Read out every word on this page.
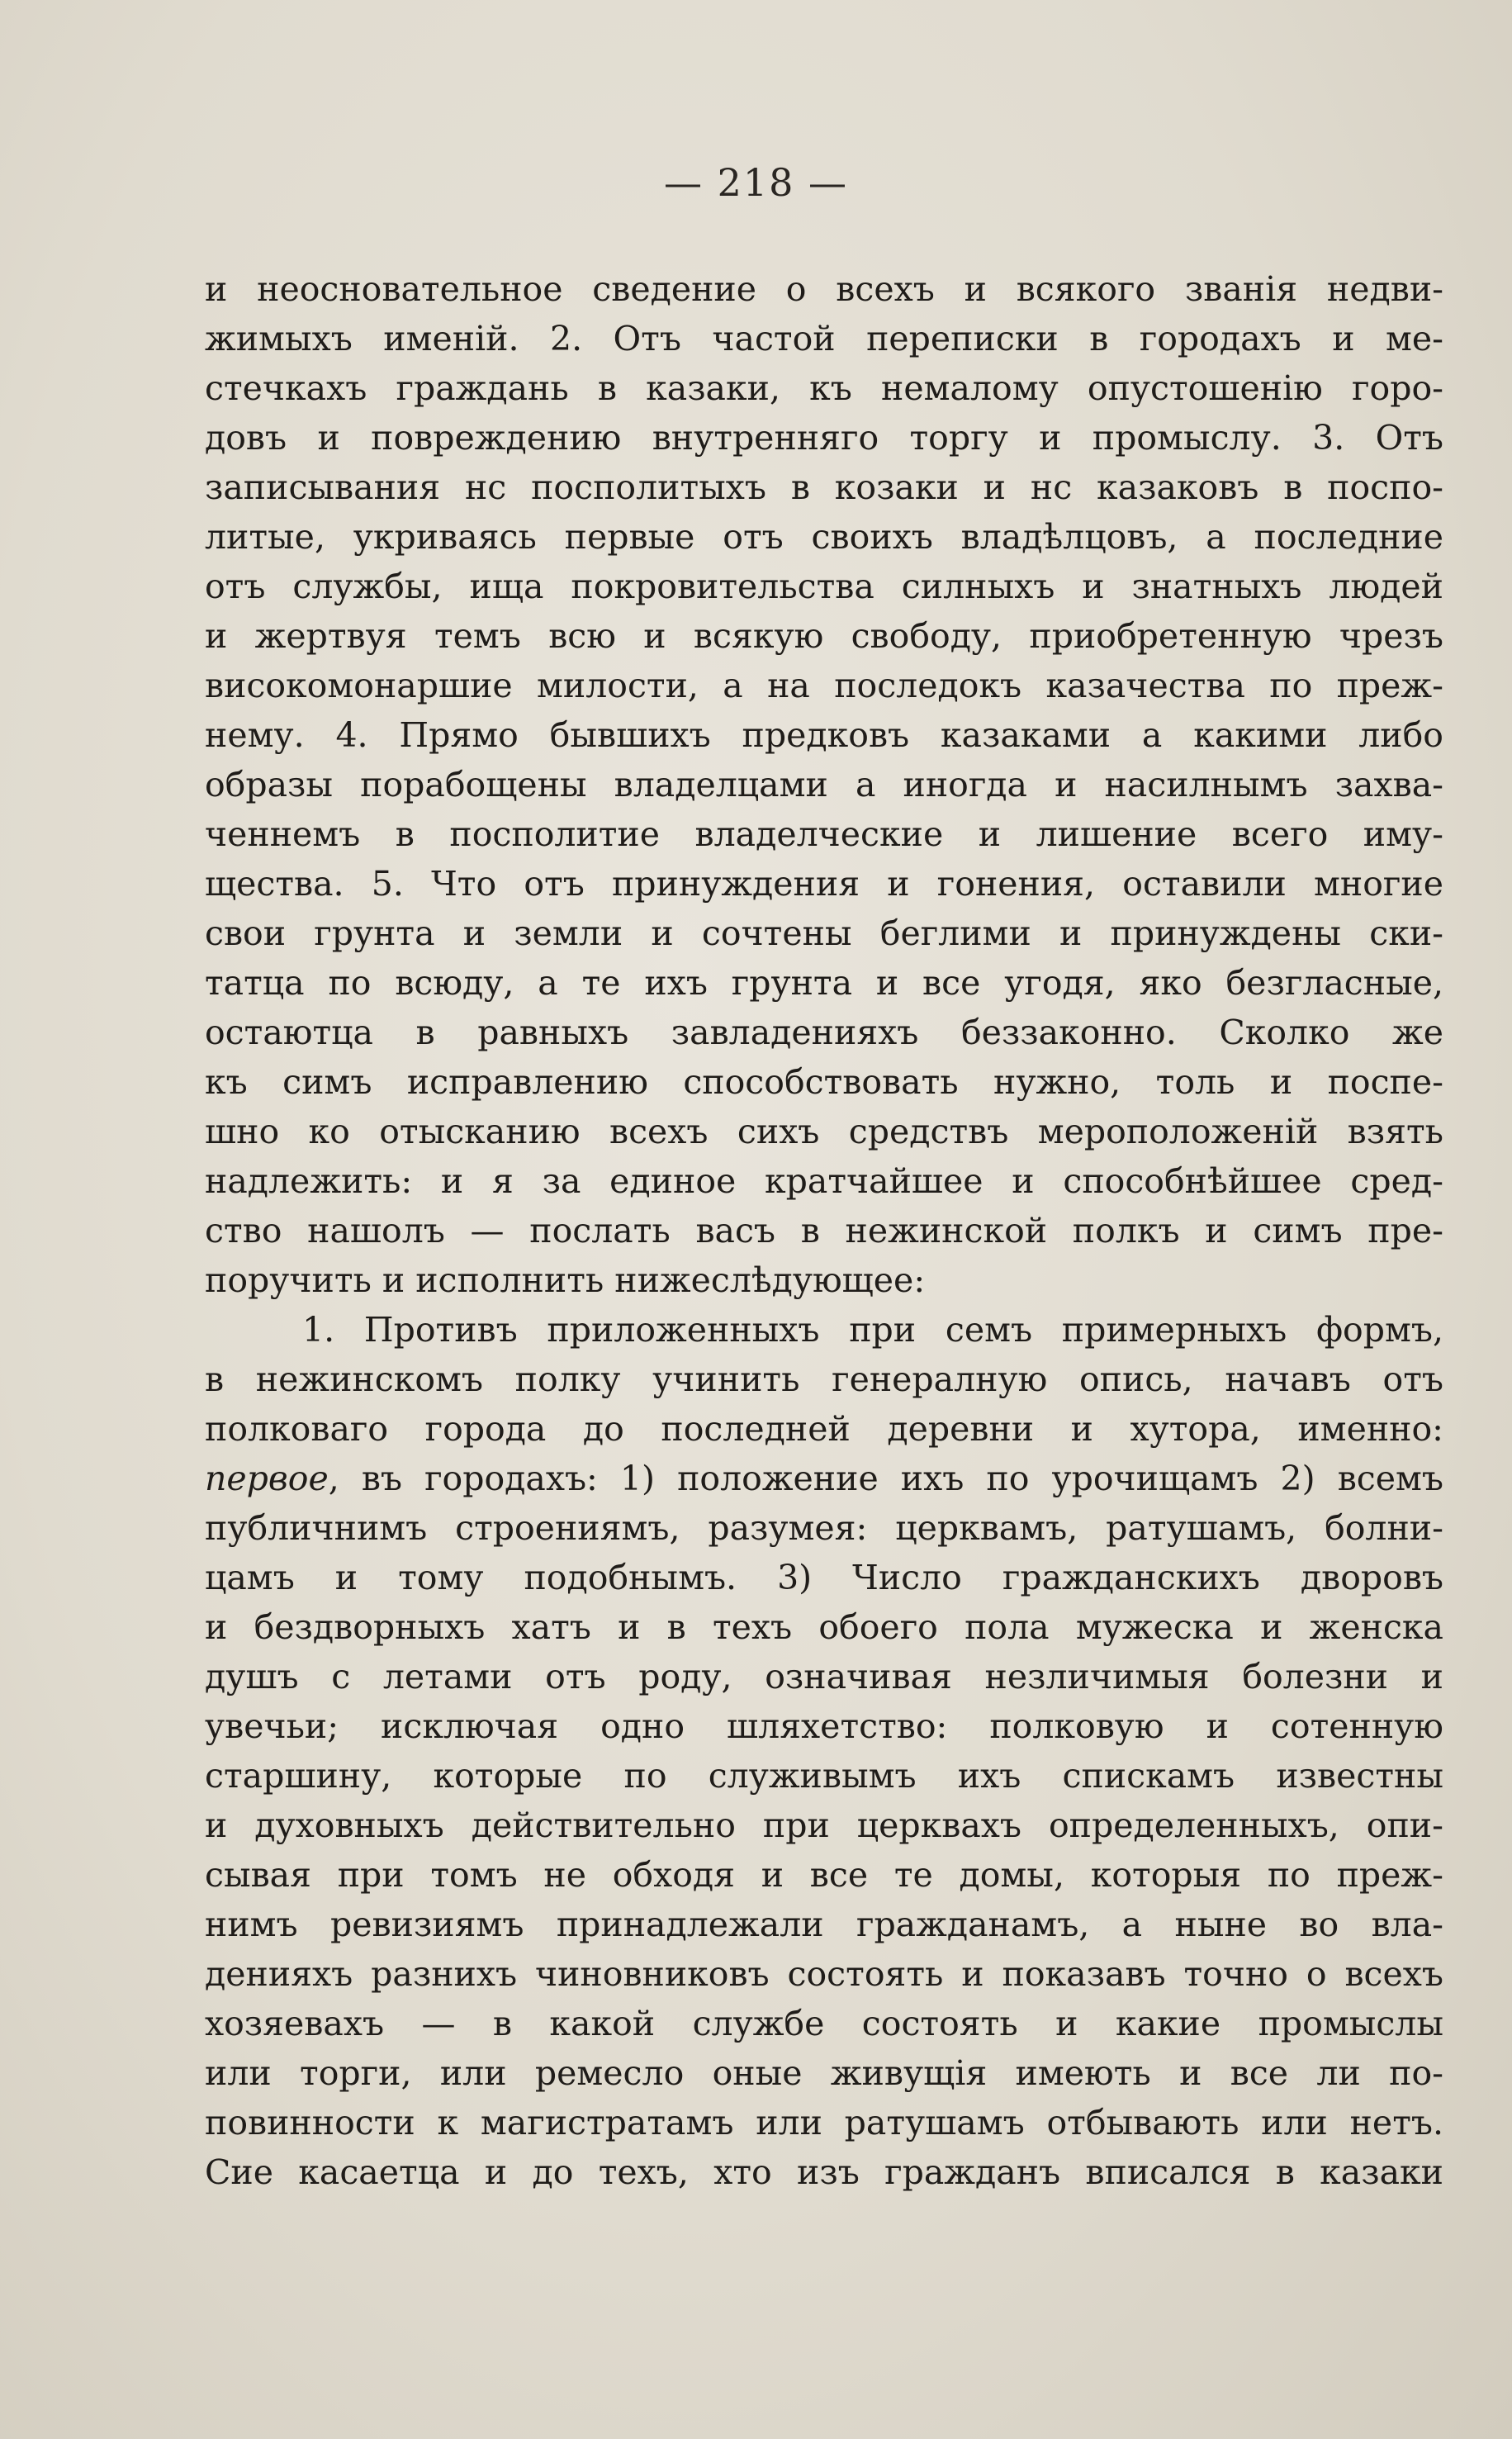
— 218 —
и неосновательное сведение о всехъ и всякого званія недви-
жимыхъ именій. 2. Отъ частой переписки в городахъ и ме-
стечкахъ граждань в казаки, къ немалому опустошенію горо-
довъ и повреждению внутренняго торгу и промыслу. 3. Отъ
записывания нс посполитыхъ в козаки и нс казаковъ в поспо-
литые, укриваясь первые отъ своихъ владѣлцовъ, а последние
отъ службы, ища покровительства силныхъ и знатныхъ людей
и жертвуя темъ всю и всякую свободу, приобретенную чрезъ
високомонаршие милости, а на последокъ казачества по преж-
нему. 4. Прямо бывшихъ предковъ казаками а какими либо
образы порабощены владелцами а иногда и насилнымъ захва-
ченнемъ в посполитие владелческие и лишение всего иму-
щества. 5. Что отъ принуждения и гонения, оставили многие
свои грунта и земли и сочтены беглими и принуждены ски-
татца по всюду, а те ихъ грунта и все угодя, яко безгласные,
остаютца в равныхъ завладенияхъ беззаконно. Сколко же
къ симъ исправлению способствовать нужно, толь и поспе-
шно ко отысканию всехъ сихъ средствъ мероположеній взять
надлежить: и я за единое кратчайшее и способнѣйшее сред-
ство нашолъ — послать васъ в нежинской полкъ и симъ пре-
поручить и исполнить нижеслѣдующее:
1. Противъ приложенныхъ при семъ примерныхъ формъ,
в нежинскомъ полку учинить генералную опись, начавъ отъ
полковаго города до последней деревни и хутора, именно:
первое, въ городахъ: 1) положение ихъ по урочищамъ 2) всемъ
публичнимъ строениямъ, разумея: церквамъ, ратушамъ, болни-
цамъ и тому подобнымъ. 3) Число гражданскихъ дворовъ
и бездворныхъ хатъ и в техъ обоего пола мужеска и женска
душъ с летами отъ роду, означивая незличимыя болезни и
увечьи; исключая одно шляхетство: полковую и сотенную
старшину, которые по служивымъ ихъ спискамъ известны
и духовныхъ действительно при церквахъ определенныхъ, опи-
сывая при томъ не обходя и все те домы, которыя по преж-
нимъ ревизиямъ принадлежали гражданамъ, а ныне во вла-
денияхъ разнихъ чиновниковъ состоять и показавъ точно о всехъ
хозяевахъ — в какой службе состоять и какие промыслы
или торги, или ремесло оные живущія имеють и все ли по-
повинности к магистратамъ или ратушамъ отбывають или нетъ.
Сие касаетца и до техъ, хто изъ гражданъ вписался в казаки
